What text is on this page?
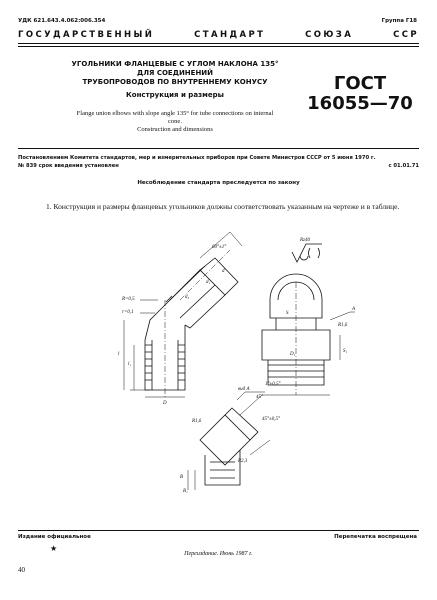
УДК 621.643.4.062:006.354	Группа Г18
ГОСУДАРСТВЕННЫЙ	СТАНДАРТ	СОЮЗА	ССР
УГОЛЬНИКИ ФЛАНЦЕВЫЕ С УГЛОМ НАКЛОНА 135°
ДЛЯ СОЕДИНЕНИЙ
ТРУБОПРОВОДОВ ПО ВНУТРЕННЕМУ КОНУСУ
Конструкция и размеры
ГОСТ
16055—70
Flange union elbows with slope angle 135° for tube connections on internal cone.
Construction and dimensions
Постановлением Комитета стандартов, мер и измерительных приборов при Совете Министров СССР от 5 июня 1970 г.
№ 839 срок введения установлен	с 01.01.71
Несоблюдение стандарта преследуется по закону
1. Конструкция и размеры фланцевых угольников должны соответствовать указанным на чертеже и в таблице.
Rz40
60°±1°
R=0,5
r=0,1
d₁
d
d₃
l₁
l
D
D₁
A
вид A
R1,6
R1,6
R2,3
S
S₁
45°
1°±0,5°
45°±0,5°
B
B₁
Издание официальное	Перепечатка воспрещена
★
Переиздание. Июнь 1987 г.
40
